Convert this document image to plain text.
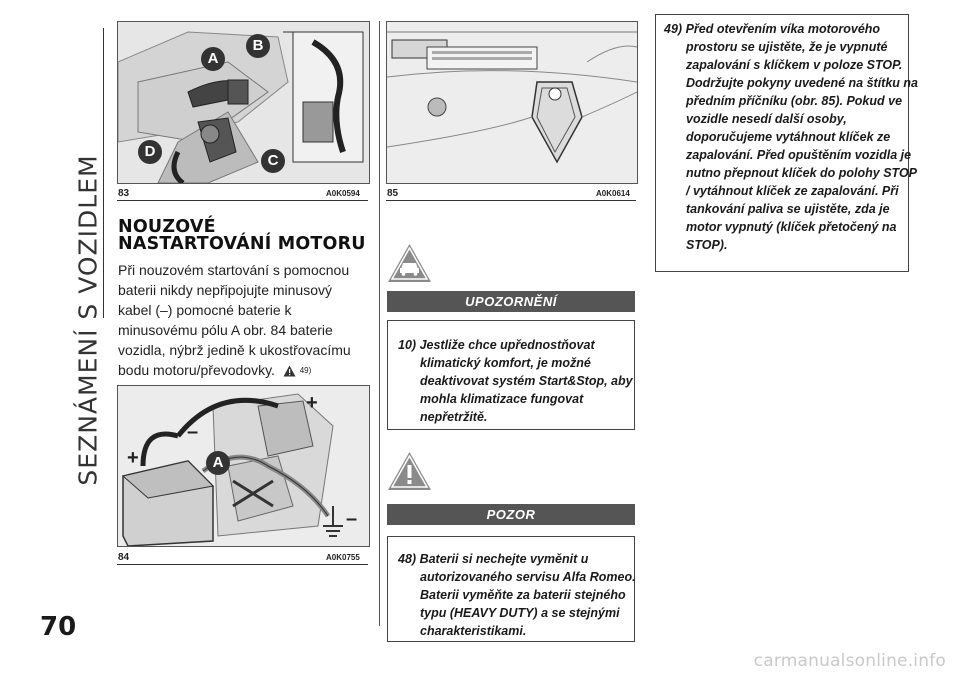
SEZNÁMENÍ S VOZIDLEM
A
B
C
D
83	A0K0594
NOUZOVÉ
NASTARTOVÁNÍ MOTORU
Při nouzovém startování s pomocnou baterii nikdy nepřipojujte minusový kabel (–) pomocné baterie k minusovému pólu A obr. 84 baterie vozidla, nýbrž jedině k ukostřovacímu bodu motoru/převodovky.	49)
A
+
–
+
–
84	A0K0755
85	A0K0614
UPOZORNĚNÍ
10) Jestliže chce upřednostňovat klimatický komfort, je možné deaktivovat systém Start&Stop, aby mohla klimatizace fungovat nepřetržitě.
POZOR
48) Baterii si nechejte vyměnit u autorizovaného servisu Alfa Romeo. Baterii vyměňte za baterii stejného typu (HEAVY DUTY) a se stejnými charakteristikami.
49) Před otevřením víka motorového prostoru se ujistěte, že je vypnuté zapalování s klíčkem v poloze STOP. Dodržujte pokyny uvedené na štítku na předním příčníku (obr. 85). Pokud ve vozidle nesedí další osoby, doporučujeme vytáhnout klíček ze zapalování. Před opuštěním vozidla je nutno přepnout klíček do polohy STOP / vytáhnout klíček ze zapalování. Při tankování paliva se ujistěte, zda je motor vypnutý (klíček přetočený na STOP).
70
carmanualsonline.info
